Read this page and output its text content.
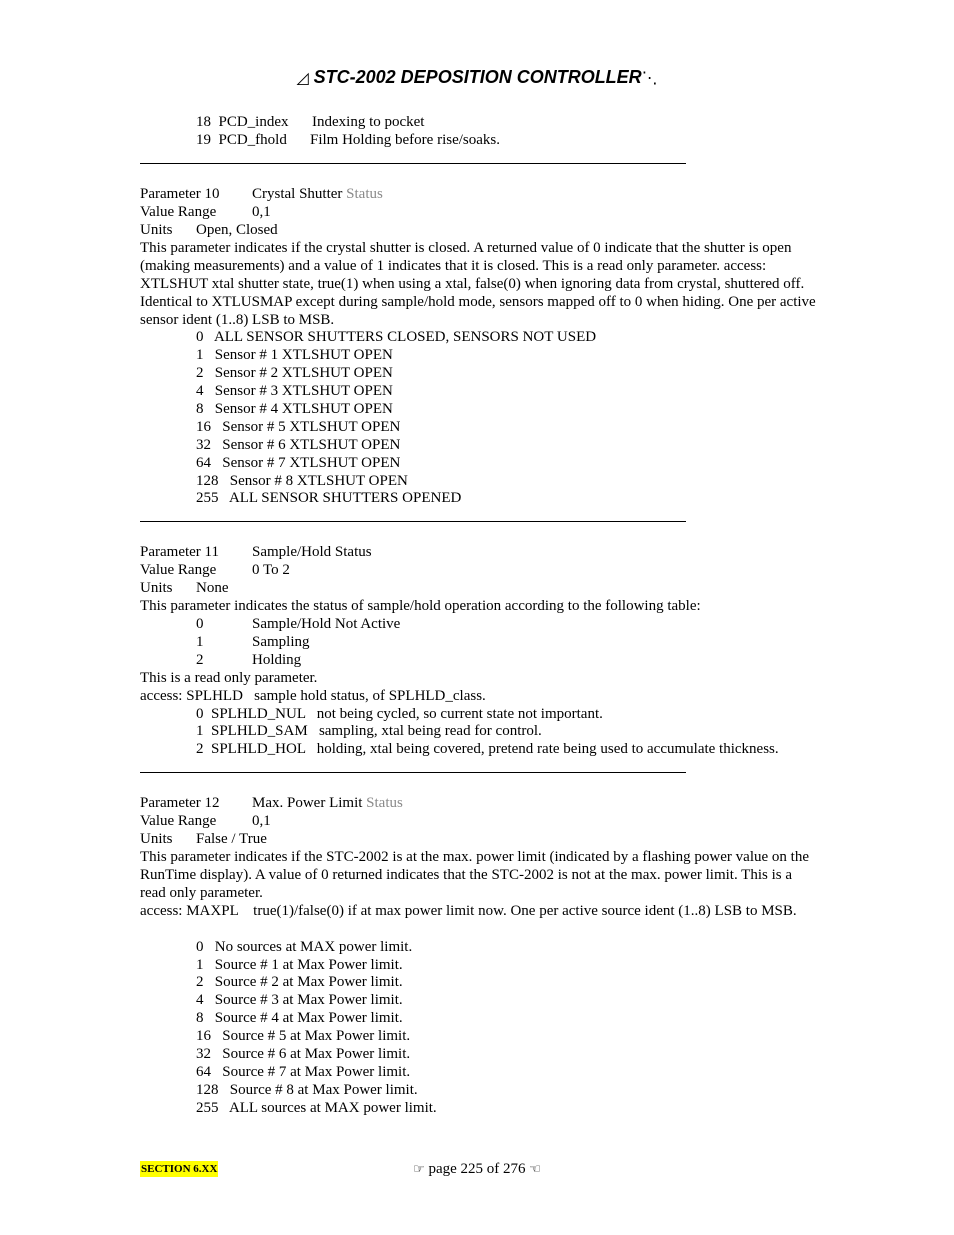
◿ STC-2002 DEPOSITION CONTROLLER⋱
18 PCD_index Indexing to pocket
19 PCD_fhold Film Holding before rise/soaks.
Parameter 10 Crystal Shutter Status
Value Range 0,1
Units Open, Closed
This parameter indicates if the crystal shutter is closed. A returned value of 0 indicate that the shutter is open (making measurements) and a value of 1 indicates that it is closed. This is a read only parameter. access: XTLSHUT xtal shutter state, true(1) when using a xtal, false(0) when ignoring data from crystal, shuttered off. Identical to XTLUSMAP except during sample/hold mode, sensors mapped off to 0 when hiding. One per active sensor ident (1..8) LSB to MSB.
0 ALL SENSOR SHUTTERS CLOSED, SENSORS NOT USED
1 Sensor # 1 XTLSHUT OPEN
2 Sensor # 2 XTLSHUT OPEN
4 Sensor # 3 XTLSHUT OPEN
8 Sensor # 4 XTLSHUT OPEN
16 Sensor # 5 XTLSHUT OPEN
32 Sensor # 6 XTLSHUT OPEN
64 Sensor # 7 XTLSHUT OPEN
128 Sensor # 8 XTLSHUT OPEN
255 ALL SENSOR SHUTTERS OPENED
Parameter 11 Sample/Hold Status
Value Range 0 To 2
Units None
This parameter indicates the status of sample/hold operation according to the following table:
0	Sample/Hold Not Active
1	Sampling
2	Holding
This is a read only parameter.
access: SPLHLD   sample hold status, of SPLHLD_class.
0 SPLHLD_NUL not being cycled, so current state not important.
1 SPLHLD_SAM sampling, xtal being read for control.
2 SPLHLD_HOL holding, xtal being covered, pretend rate being used to accumulate thickness.
Parameter 12 Max. Power Limit Status
Value Range 0,1
Units False / True
This parameter indicates if the STC-2002 is at the max. power limit (indicated by a flashing power value on the RunTime display). A value of 0 returned indicates that the STC-2002 is not at the max. power limit. This is a read only parameter.
access: MAXPL    true(1)/false(0) if at max power limit now. One per active source ident (1..8) LSB to MSB.
0 No sources at MAX power limit.
1 Source # 1 at Max Power limit.
2 Source # 2 at Max Power limit.
4 Source # 3 at Max Power limit.
8 Source # 4 at Max Power limit.
16 Source # 5 at Max Power limit.
32 Source # 6 at Max Power limit.
64 Source # 7 at Max Power limit.
128 Source # 8 at Max Power limit.
255 ALL sources at MAX power limit.
SECTION 6.XX	☞ page 225 of 276 ☜
